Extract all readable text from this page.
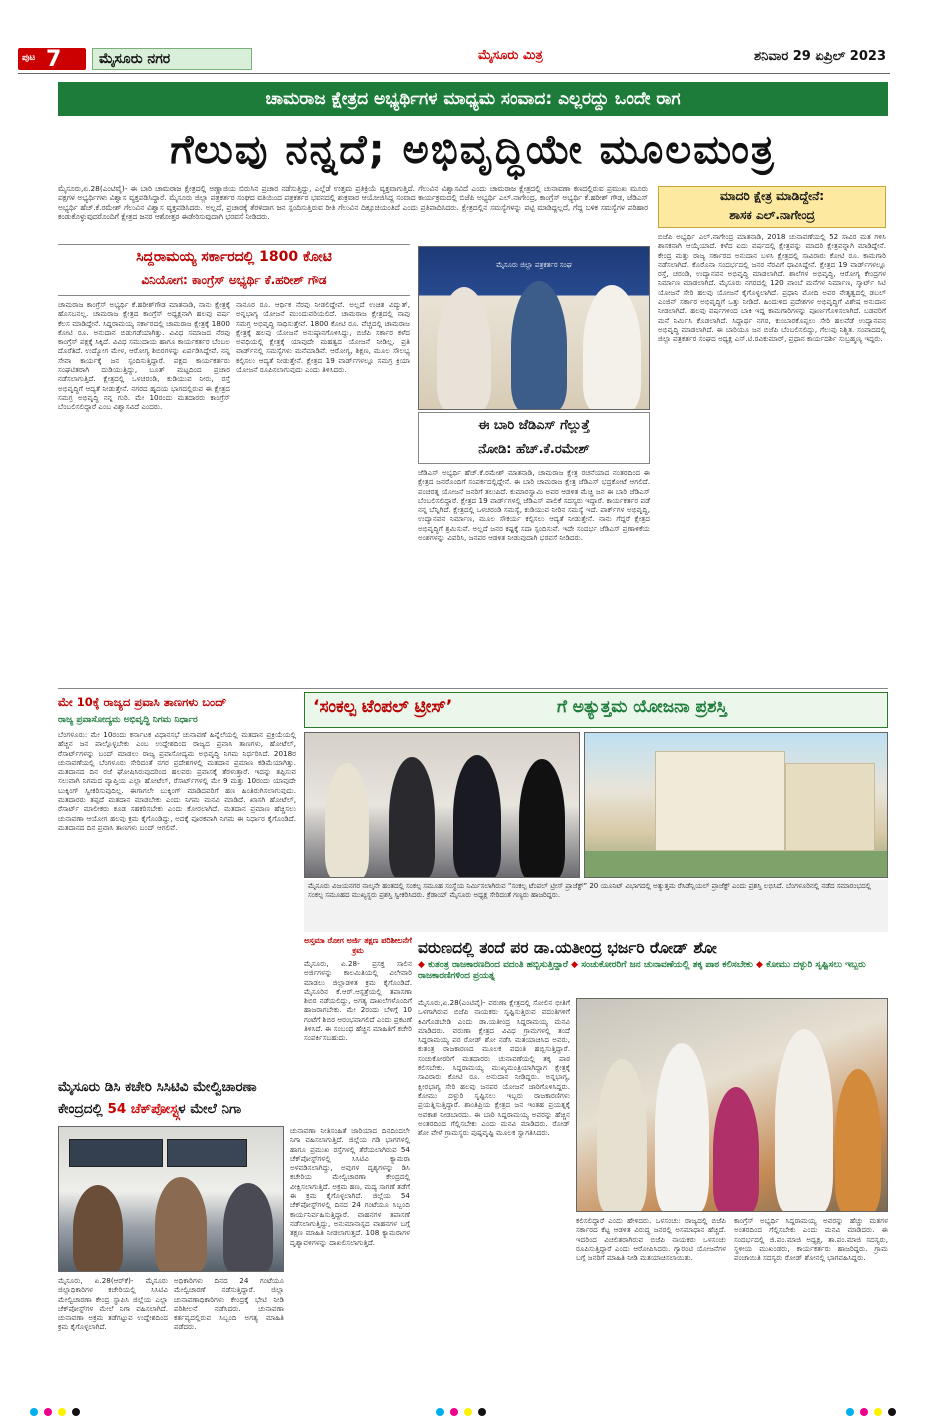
ಪುಟ 7	ಮೈಸೂರು ನಗರ	ಮೈಸೂರು ಮಿತ್ರ	ಶನಿವಾರ 29 ಏಪ್ರಿಲ್ 2023
ಚಾಮರಾಜ ಕ್ಷೇತ್ರದ ಅಭ್ಯರ್ಥಿಗಳ ಮಾಧ್ಯಮ ಸಂವಾದ: ಎಲ್ಲರದ್ದು ಒಂದೇ ರಾಗ
ಗೆಲುವು ನನ್ನದೆ; ಅಭಿವೃದ್ಧಿಯೇ ಮೂಲಮಂತ್ರ
ಮೈಸೂರು,ಏ.28(ಎಂಟಿವೈ)- ಈ ಬಾರಿ ಚಾಮರಾಜ ಕ್ಷೇತ್ರದಲ್ಲಿ ಅಣ್ಣಾಜಿಯ ಬಿರುಸಿನ ಪ್ರಚಾರ ನಡೆಸುತ್ತಿದ್ದು, ಎಲ್ಲೆಡೆ ಉತ್ತಮ ಪ್ರತಿಕ್ರಿಯೆ ವ್ಯಕ್ತವಾಗುತ್ತಿದೆ. ಗೆಲುವಿನ ವಿಶ್ವಾಸವಿದೆ ಎಂದು ಚಾಮರಾಜ ಕ್ಷೇತ್ರದಲ್ಲಿ ಚುನಾವಣಾ ಕಣದಲ್ಲಿರುವ ಪ್ರಮುಖ ಮೂರು ಪಕ್ಷಗಳ ಅಭ್ಯರ್ಥಿಗಳು ವಿಶ್ವಾಸ ವ್ಯಕ್ತಪಡಿಸಿದ್ದಾರೆ. ಮೈಸೂರು ಜಿಲ್ಲಾ ಪತ್ರಕರ್ತರ ಸಂಘದ ವತಿಯಿಂದ ಪತ್ರಕರ್ತರ ಭವನದಲ್ಲಿ ಶುಕ್ರವಾರ ಆಯೋಜಿಸಿದ್ದ ಸಂವಾದ ಕಾರ್ಯಕ್ರಮದಲ್ಲಿ ಬಿಜೆಪಿ ಅಭ್ಯರ್ಥಿ ಎಲ್.ನಾಗೇಂದ್ರ, ಕಾಂಗ್ರೆಸ್ ಅಭ್ಯರ್ಥಿ ಕೆ.ಹರೀಶ್ ಗೌಡ, ಜೆಡಿಎಸ್ ಅಭ್ಯರ್ಥಿ ಹೆಚ್.ಕೆ.ರಮೇಶ್ ಗೆಲುವಿನ ವಿಶ್ವಾಸ ವ್ಯಕ್ತಪಡಿಸಿದರು. ಅಲ್ಲದೆ, ಪ್ರಚಾರಕ್ಕೆ ತೆರಳಿದಾಗ ಜನ ಸ್ಪಂದಿಸುತ್ತಿರುವ ರೀತಿ ಗೆಲುವಿನ ದಿಕ್ಸೂಚಿಯಂತಿದೆ ಎಂದು ಪ್ರತಿಪಾದಿಸಿದರು. ಕ್ಷೇತ್ರದಲ್ಲಿನ ಸಮಸ್ಯೆಗಳನ್ನು ಪಟ್ಟಿ ಮಾಡಿದ್ದಲ್ಲದೆ, ಗೆದ್ದ ಬಳಿಕ ಸಮಸ್ಯೆಗಳ ಪರಿಹಾರ ಕಂಡುಕೊಳ್ಳುವುದರೊಂದಿಗೆ ಕ್ಷೇತ್ರದ ಜನರ ಆಶೋತ್ತರ ಈಡೇರಿಸುವುದಾಗಿ ಭರವಸೆ ನೀಡಿದರು.
ಮಾದರಿ ಕ್ಷೇತ್ರ ಮಾಡಿದ್ದೇನೆ:
ಶಾಸಕ ಎಲ್.ನಾಗೇಂದ್ರ
ಬಿಜೆಪಿ ಅಭ್ಯರ್ಥಿ ಎಲ್.ನಾಗೇಂದ್ರ ಮಾತನಾಡಿ, 2018 ಚುನಾವಣೆಯಲ್ಲಿ 52 ಸಾವಿರ ಮತ ಗಳಿಸಿ ಶಾಸಕನಾಗಿ ಆಯ್ಕೆಯಾದೆ. ಕಳೆದ ಐದು ವರ್ಷದಲ್ಲಿ ಕ್ಷೇತ್ರವನ್ನು ಮಾದರಿ ಕ್ಷೇತ್ರವನ್ನಾಗಿ ಮಾಡಿದ್ದೇನೆ. ಕೇಂದ್ರ ಮತ್ತು ರಾಜ್ಯ ಸರ್ಕಾರದ ಅನುದಾನ ಬಳಸಿ ಕ್ಷೇತ್ರದಲ್ಲಿ ಸಾವಿರಾರು ಕೋಟಿ ರೂ. ಕಾಮಗಾರಿ ನಡೆಸಲಾಗಿದೆ. ಕೊರೊನಾ ಸಂದರ್ಭದಲ್ಲಿ ಜನರ ನೆರವಿಗೆ ಧಾವಿಸಿದ್ದೇನೆ. ಕ್ಷೇತ್ರದ 19 ವಾರ್ಡ್‌ಗಳಲ್ಲೂ ರಸ್ತೆ, ಚರಂಡಿ, ಉದ್ಯಾನವನ ಅಭಿವೃದ್ಧಿ ಮಾಡಲಾಗಿದೆ. ಶಾಲೆಗಳ ಅಭಿವೃದ್ಧಿ, ಆರೋಗ್ಯ ಕೇಂದ್ರಗಳ ನಿರ್ಮಾಣ ಮಾಡಲಾಗಿದೆ. ಮೈಸೂರು ನಗರದಲ್ಲಿ 120 ವಾಂಬೆ ಮನೆಗಳ ನಿರ್ಮಾಣ, ಸ್ಮಾರ್ಟ್ ಸಿಟಿ ಯೋಜನೆ ಸೇರಿ ಹಲವು ಯೋಜನೆ ಕೈಗೊಳ್ಳಲಾಗಿದೆ. ಪ್ರಧಾನಿ ಮೋದಿ ಅವರ ನೇತೃತ್ವದಲ್ಲಿ ಡಬಲ್ ಎಂಜಿನ್ ಸರ್ಕಾರ ಅಭಿವೃದ್ಧಿಗೆ ಒತ್ತು ನೀಡಿದೆ. ಹಿಂದುಳಿದ ಪ್ರದೇಶಗಳ ಅಭಿವೃದ್ಧಿಗೆ ವಿಶೇಷ ಅನುದಾನ ನೀಡಲಾಗಿದೆ. ಹಲವು ವರ್ಷಗಳಿಂದ ಬಾಕಿ ಇದ್ದ ಕಾಮಗಾರಿಗಳನ್ನು ಪೂರ್ಣಗೊಳಿಸಲಾಗಿದೆ. ಬಡವರಿಗೆ ಮನೆ ನಿರ್ಮಿಸಿ ಕೊಡಲಾಗಿದೆ. ಸಿದ್ದಾರ್ಥ ನಗರ, ಕುಂಬಾರಕೊಪ್ಪಲು ಸೇರಿ ಹಲವೆಡೆ ಉದ್ಯಾನವನ ಅಭಿವೃದ್ಧಿ ಮಾಡಲಾಗಿದೆ. ಈ ಬಾರಿಯೂ ಜನ ಬಿಜೆಪಿ ಬೆಂಬಲಿಸಲಿದ್ದು, ಗೆಲುವು ನಿಶ್ಚಿತ. ಸಂವಾದದಲ್ಲಿ ಜಿಲ್ಲಾ ಪತ್ರಕರ್ತರ ಸಂಘದ ಅಧ್ಯಕ್ಷ ಎಸ್.ಟಿ.ರವಿಕುಮಾರ್, ಪ್ರಧಾನ ಕಾರ್ಯದರ್ಶಿ ಸುಬ್ರಹ್ಮಣ್ಯ ಇದ್ದರು.
ಸಿದ್ದರಾಮಯ್ಯ ಸರ್ಕಾರದಲ್ಲಿ 1800 ಕೋಟಿ
ವಿನಿಯೋಗ: ಕಾಂಗ್ರೆಸ್ ಅಭ್ಯರ್ಥಿ ಕೆ.ಹರೀಶ್ ಗೌಡ
ಚಾಮರಾಜ ಕಾಂಗ್ರೆಸ್ ಅಭ್ಯರ್ಥಿ ಕೆ.ಹರೀಶ್‌ಗೌಡ ಮಾತನಾಡಿ, ನಾನು ಕ್ಷೇತ್ರಕ್ಕೆ ಹೊಸಬನಲ್ಲ. ಚಾಮರಾಜ ಕ್ಷೇತ್ರದ ಕಾಂಗ್ರೆಸ್ ಅಧ್ಯಕ್ಷನಾಗಿ ಹಲವು ವರ್ಷ ಕೆಲಸ ಮಾಡಿದ್ದೇನೆ. ಸಿದ್ದರಾಮಯ್ಯ ಸರ್ಕಾರದಲ್ಲಿ ಚಾಮರಾಜ ಕ್ಷೇತ್ರಕ್ಕೆ 1800 ಕೋಟಿ ರೂ. ಅನುದಾನ ಬಿಡುಗಡೆಯಾಗಿತ್ತು. ವಿವಿಧ ಸಮಾಜದ ನೆರವು ಕಾಂಗ್ರೆಸ್ ಪಕ್ಷಕ್ಕೆ ಸಿಕ್ಕಿದೆ. ವಿವಿಧ ಸಮುದಾಯ ಹಾಗೂ ಕಾರ್ಯಕರ್ತರ ಬೆಂಬಲ ದೊರೆತಿದೆ. ಉದ್ಯೋಗ ಮೇಳ, ಆರೋಗ್ಯ ಶಿಬಿರಗಳನ್ನು ಏರ್ಪಡಿಸಿದ್ದೇವೆ. ನನ್ನ ಸೇವಾ ಕಾರ್ಯಕ್ಕೆ ಜನ ಸ್ಪಂದಿಸುತ್ತಿದ್ದಾರೆ. ಪಕ್ಷದ ಕಾರ್ಯಕರ್ತರು ಸಂಘಟಿತರಾಗಿ ದುಡಿಯುತ್ತಿದ್ದು, ಬೂತ್ ಮಟ್ಟದಿಂದ ಪ್ರಚಾರ ನಡೆಸಲಾಗುತ್ತಿದೆ. ಕ್ಷೇತ್ರದಲ್ಲಿ ಒಳಚರಂಡಿ, ಕುಡಿಯುವ ನೀರು, ರಸ್ತೆ ಅಭಿವೃದ್ಧಿಗೆ ಆದ್ಯತೆ ನೀಡುತ್ತೇನೆ. ನಗರದ ಹೃದಯ ಭಾಗದಲ್ಲಿರುವ ಈ ಕ್ಷೇತ್ರದ ಸಮಗ್ರ ಅಭಿವೃದ್ಧಿ ನನ್ನ ಗುರಿ. ಮೇ 10ರಂದು ಮತದಾರರು ಕಾಂಗ್ರೆಸ್ ಬೆಂಬಲಿಸಲಿದ್ದಾರೆ ಎಂಬ ವಿಶ್ವಾಸವಿದೆ ಎಂದರು.
ನಾನೂರ ರೂ. ಆರ್ಥಿಕ ನೆರವು ನೀಡಲಿದ್ದೇವೆ. ಅಲ್ಲದೆ ಉಚಿತ ವಿದ್ಯುತ್, ಅನ್ನಭಾಗ್ಯ ಯೋಜನೆ ಮುಂದುವರಿಯಲಿದೆ. ಚಾಮರಾಜ ಕ್ಷೇತ್ರದಲ್ಲಿ ನಾವು ಸಮಗ್ರ ಅಭಿವೃದ್ಧಿ ಸಾಧಿಸುತ್ತೇವೆ. 1800 ಕೋಟಿ ರೂ. ವೆಚ್ಚದಲ್ಲಿ ಚಾಮರಾಜ ಕ್ಷೇತ್ರಕ್ಕೆ ಹಲವು ಯೋಜನೆ ಅನುಷ್ಠಾನಗೊಳಿಸಿದ್ದು, ಬಿಜೆಪಿ ಸರ್ಕಾರ ಕಳೆದ ಅವಧಿಯಲ್ಲಿ ಕ್ಷೇತ್ರಕ್ಕೆ ಯಾವುದೇ ಮಹತ್ವದ ಯೋಜನೆ ನೀಡಿಲ್ಲ. ಪ್ರತಿ ವಾರ್ಡ್‌ನಲ್ಲಿ ಸಮಸ್ಯೆಗಳು ಮನೆಮಾಡಿವೆ. ಆರೋಗ್ಯ, ಶಿಕ್ಷಣ, ಮೂಲ ಸೌಲಭ್ಯ ಕಲ್ಪಿಸಲು ಆದ್ಯತೆ ನೀಡುತ್ತೇನೆ. ಕ್ಷೇತ್ರದ 19 ವಾರ್ಡ್‌ಗಳಲ್ಲೂ ಸಮಗ್ರ ಕ್ರಿಯಾ ಯೋಜನೆ ರೂಪಿಸಲಾಗುವುದು ಎಂದು ತಿಳಿಸಿದರು.
ಮೈಸೂರು ಜಿಲ್ಲಾ ಪತ್ರಕರ್ತರ ಸಂಘ
ಈ ಬಾರಿ ಜೆಡಿಎಸ್ ಗೆಲ್ಲುತ್ತೆ
ನೋಡಿ: ಹೆಚ್.ಕೆ.ರಮೇಶ್
ಜೆಡಿಎಸ್ ಅಭ್ಯರ್ಥಿ ಹೆಚ್.ಕೆ.ರಮೇಶ್ ಮಾತನಾಡಿ, ಚಾಮರಾಜ ಕ್ಷೇತ್ರ ರಚನೆಯಾದ ನಂತರದಿಂದ ಈ ಕ್ಷೇತ್ರದ ಜನರೊಂದಿಗೆ ಸಂಪರ್ಕದಲ್ಲಿದ್ದೇನೆ. ಈ ಬಾರಿ ಚಾಮರಾಜ ಕ್ಷೇತ್ರ ಜೆಡಿಎಸ್ ಭದ್ರಕೋಟೆ ಆಗಲಿದೆ. ಪಂಚರತ್ನ ಯೋಜನೆ ಜನರಿಗೆ ತಲುಪಿದೆ. ಕುಮಾರಸ್ವಾಮಿ ಅವರ ಆಡಳಿತ ಮೆಚ್ಚಿ ಜನ ಈ ಬಾರಿ ಜೆಡಿಎಸ್ ಬೆಂಬಲಿಸಲಿದ್ದಾರೆ. ಕ್ಷೇತ್ರದ 19 ವಾರ್ಡ್‌ಗಳಲ್ಲಿ ಜೆಡಿಎಸ್ ಪಾಲಿಕೆ ಸದಸ್ಯರು ಇದ್ದಾರೆ. ಕಾರ್ಯಕರ್ತರ ಪಡೆ ನನ್ನ ಬೆನ್ನಿಗಿದೆ. ಕ್ಷೇತ್ರದಲ್ಲಿ ಒಳಚರಂಡಿ ಸಮಸ್ಯೆ, ಕುಡಿಯುವ ನೀರಿನ ಸಮಸ್ಯೆ ಇದೆ. ಪಾರ್ಕ್‌ಗಳ ಅಭಿವೃದ್ಧಿ, ಉದ್ಯಾನವನ ನಿರ್ಮಾಣ, ಮೂಲ ಸೌಕರ್ಯ ಕಲ್ಪಿಸಲು ಆದ್ಯತೆ ನೀಡುತ್ತೇನೆ. ನಾನು ಗೆದ್ದರೆ ಕ್ಷೇತ್ರದ ಅಭಿವೃದ್ಧಿಗೆ ಶ್ರಮಿಸುವೆ. ಅಲ್ಲದೆ ಜನರ ಕಷ್ಟಕ್ಕೆ ಸದಾ ಸ್ಪಂದಿಸುವೆ. ಇದೇ ಸಂದರ್ಭ ಜೆಡಿಎಸ್ ಪ್ರಣಾಳಿಕೆಯ ಅಂಶಗಳನ್ನು ವಿವರಿಸಿ, ಜನಪರ ಆಡಳಿತ ನೀಡುವುದಾಗಿ ಭರವಸೆ ನೀಡಿದರು.
ಮೇ 10ಕ್ಕೆ ರಾಜ್ಯದ ಪ್ರವಾಸಿ ತಾಣಗಳು ಬಂದ್
ರಾಜ್ಯ ಪ್ರವಾಸೋದ್ಯಮ ಅಭಿವೃದ್ಧಿ ನಿಗಮ ನಿರ್ಧಾರ
ಬೆಂಗಳೂರು: ಮೇ 10ರಂದು ಕರ್ನಾಟಕ ವಿಧಾನಸಭೆ ಚುನಾವಣೆ ಹಿನ್ನೆಲೆಯಲ್ಲಿ ಮತದಾನ ಪ್ರಕ್ರಿಯೆಯಲ್ಲಿ ಹೆಚ್ಚಿನ ಜನ ಪಾಲ್ಗೊಳ್ಳಬೇಕು ಎಂಬ ಉದ್ದೇಶದಿಂದ ರಾಜ್ಯದ ಪ್ರವಾಸಿ ತಾಣಗಳು, ಹೋಟೆಲ್, ರೆಸಾರ್ಟ್‌ಗಳನ್ನು ಬಂದ್ ಮಾಡಲು ರಾಜ್ಯ ಪ್ರವಾಸೋದ್ಯಮ ಅಭಿವೃದ್ಧಿ ನಿಗಮ ನಿರ್ಧರಿಸಿದೆ. 2018ರ ಚುನಾವಣೆಯಲ್ಲಿ ಬೆಂಗಳೂರು ಸೇರಿದಂತೆ ನಗರ ಪ್ರದೇಶಗಳಲ್ಲಿ ಮತದಾನ ಪ್ರಮಾಣ ಕಡಿಮೆಯಾಗಿತ್ತು. ಮತದಾನದ ದಿನ ರಜೆ ಘೋಷಿಸಿರುವುದರಿಂದ ಹಲವರು ಪ್ರವಾಸಕ್ಕೆ ತೆರಳುತ್ತಾರೆ. ಇದನ್ನು ತಪ್ಪಿಸುವ ಸಲುವಾಗಿ ನಿಗಮದ ವ್ಯಾಪ್ತಿಯ ಎಲ್ಲಾ ಹೋಟೆಲ್, ರೆಸಾರ್ಟ್‌ಗಳಲ್ಲಿ ಮೇ 9 ಮತ್ತು 10ರಂದು ಯಾವುದೇ ಬುಕ್ಕಿಂಗ್ ಸ್ವೀಕರಿಸುವುದಿಲ್ಲ. ಈಗಾಗಲೇ ಬುಕ್ಕಿಂಗ್ ಮಾಡಿದವರಿಗೆ ಹಣ ಹಿಂತಿರುಗಿಸಲಾಗುವುದು. ಮತದಾರರು ತಪ್ಪದೆ ಮತದಾನ ಮಾಡಬೇಕು ಎಂದು ನಿಗಮ ಮನವಿ ಮಾಡಿದೆ. ಖಾಸಗಿ ಹೋಟೆಲ್, ರೆಸಾರ್ಟ್ ಮಾಲೀಕರು ಕೂಡ ಸಹಕರಿಸಬೇಕು ಎಂದು ಕೋರಲಾಗಿದೆ. ಮತದಾನ ಪ್ರಮಾಣ ಹೆಚ್ಚಿಸಲು ಚುನಾವಣಾ ಆಯೋಗ ಹಲವು ಕ್ರಮ ಕೈಗೊಂಡಿದ್ದು, ಅದಕ್ಕೆ ಪೂರಕವಾಗಿ ನಿಗಮ ಈ ನಿರ್ಧಾರ ಕೈಗೊಂಡಿದೆ. ಮತದಾನದ ದಿನ ಪ್ರವಾಸಿ ತಾಣಗಳು ಬಂದ್ ಆಗಲಿವೆ.
‘ಸಂಕಲ್ಪ ಟೆಂಪಲ್ ಟ್ರೀಸ್’	ಗೆ ಅತ್ಯುತ್ತಮ ಯೋಜನಾ ಪ್ರಶಸ್ತಿ
ಮೈಸೂರು ವಿಜಯನಗರ ನಾಲ್ಕನೇ ಹಂತದಲ್ಲಿ ಸಂಕಲ್ಪ ಸಮೂಹ ಸಂಸ್ಥೆಯ ನಿರ್ಮಿಸಲಾಗಿರುವ “ಸಂಕಲ್ಪ ಟೆಂಪಲ್ ಟ್ರೀಸ್ ಪ್ರಾಜೆಕ್ಟ್” 20 ಯೂನಿಟ್ ವಿಭಾಗದಲ್ಲಿ ಅತ್ಯುತ್ತಮ ರೆಸಿಡೆನ್ಷಿಯಲ್ ಪ್ರಾಜೆಕ್ಟ್ ಎಂದು ಪ್ರಶಸ್ತಿ ಲಭಿಸಿದೆ. ಬೆಂಗಳೂರಿನಲ್ಲಿ ನಡೆದ ಸಮಾರಂಭದಲ್ಲಿ ಸಂಕಲ್ಪ ಸಮೂಹದ ಮುಖ್ಯಸ್ಥರು ಪ್ರಶಸ್ತಿ ಸ್ವೀಕರಿಸಿದರು. ಕ್ರೆಡಾಯ್ ಮೈಸೂರು ಅಧ್ಯಕ್ಷ ಸೇರಿದಂತೆ ಗಣ್ಯರು ಹಾಜರಿದ್ದರು.
ಅಸ್ತಮಾ ರೋಗ ಅರ್ಜಿ ತಕ್ಷಣ ಪರಿಶೀಲನೆಗೆ ಕ್ರಮ
ಮೈಸೂರು, ಏ.28- ಪ್ರಸಕ್ತ ಸಾಲಿನ ಅರ್ಜಿಗಳನ್ನು ಕಾಲಮಿತಿಯಲ್ಲಿ ವಿಲೇವಾರಿ ಮಾಡಲು ಜಿಲ್ಲಾಡಳಿತ ಕ್ರಮ ಕೈಗೊಂಡಿದೆ. ಮೈಸೂರಿನ ಕೆ.ಆರ್.ಆಸ್ಪತ್ರೆಯಲ್ಲಿ ತಪಾಸಣಾ ಶಿಬಿರ ನಡೆಯಲಿದ್ದು, ಅಗತ್ಯ ದಾಖಲೆಗಳೊಂದಿಗೆ ಹಾಜರಾಗಬೇಕು. ಮೇ 2ರಂದು ಬೆಳಿಗ್ಗೆ 10 ಗಂಟೆಗೆ ಶಿಬಿರ ಆರಂಭವಾಗಲಿದೆ ಎಂದು ಪ್ರಕಟಣೆ ತಿಳಿಸಿದೆ. ಈ ಸಂಬಂಧ ಹೆಚ್ಚಿನ ಮಾಹಿತಿಗೆ ಕಚೇರಿ ಸಂಪರ್ಕಿಸಬಹುದು.
ವರುಣದಲ್ಲಿ ತಂದೆ ಪರ ಡಾ.ಯತೀಂದ್ರ ಭರ್ಜರಿ ರೋಡ್ ಶೋ
◆ ಕುತಂತ್ರ ರಾಜಕಾರಣದಿಂದ ವದಂತಿ ಹಬ್ಬಿಸುತ್ತಿದ್ದಾರೆ ◆ ಸಂಚುಕೋರರಿಗೆ ಜನ ಚುನಾವಣೆಯಲ್ಲಿ ತಕ್ಕ ಪಾಠ ಕಲಿಸಬೇಕು ◆ ಕೋಮು ದಳ್ಳುರಿ ಸೃಷ್ಟಿಸಲು ಇಬ್ಬರು ರಾಜಕಾರಣಿಗಳಿಂದ ಪ್ರಯತ್ನ
ಮೈಸೂರು,ಏ.28(ಎಂಟಿವೈ)- ವರುಣಾ ಕ್ಷೇತ್ರದಲ್ಲಿ ಸೋಲಿನ ಭೀತಿಗೆ ಒಳಗಾಗಿರುವ ಬಿಜೆಪಿ ನಾಯಕರು ಸೃಷ್ಟಿಸುತ್ತಿರುವ ವದಂತಿಗಳಿಗೆ ಕಿವಿಗೊಡಬೇಡಿ ಎಂದು ಡಾ.ಯತೀಂದ್ರ ಸಿದ್ದರಾಮಯ್ಯ ಮನವಿ ಮಾಡಿದರು. ವರುಣಾ ಕ್ಷೇತ್ರದ ವಿವಿಧ ಗ್ರಾಮಗಳಲ್ಲಿ ತಂದೆ ಸಿದ್ದರಾಮಯ್ಯ ಪರ ರೋಡ್ ಶೋ ನಡೆಸಿ ಮತಯಾಚಿಸಿದ ಅವರು, ಕುತಂತ್ರ ರಾಜಕಾರಣದ ಮೂಲಕ ವದಂತಿ ಹಬ್ಬಿಸುತ್ತಿದ್ದಾರೆ. ಸಂಚುಕೋರರಿಗೆ ಮತದಾರರು ಚುನಾವಣೆಯಲ್ಲಿ ತಕ್ಕ ಪಾಠ ಕಲಿಸಬೇಕು. ಸಿದ್ದರಾಮಯ್ಯ ಮುಖ್ಯಮಂತ್ರಿಯಾಗಿದ್ದಾಗ ಕ್ಷೇತ್ರಕ್ಕೆ ಸಾವಿರಾರು ಕೋಟಿ ರೂ. ಅನುದಾನ ನೀಡಿದ್ದರು. ಅನ್ನಭಾಗ್ಯ, ಕ್ಷೀರಭಾಗ್ಯ ಸೇರಿ ಹಲವು ಜನಪರ ಯೋಜನೆ ಜಾರಿಗೊಳಿಸಿದ್ದರು. ಕೋಮು ದಳ್ಳುರಿ ಸೃಷ್ಟಿಸಲು ಇಬ್ಬರು ರಾಜಕಾರಣಿಗಳು ಪ್ರಯತ್ನಿಸುತ್ತಿದ್ದಾರೆ. ಶಾಂತಿಪ್ರಿಯ ಕ್ಷೇತ್ರದ ಜನ ಇಂತಹ ಪ್ರಯತ್ನಕ್ಕೆ ಅವಕಾಶ ನೀಡಬಾರದು. ಈ ಬಾರಿ ಸಿದ್ದರಾಮಯ್ಯ ಅವರನ್ನು ಹೆಚ್ಚಿನ ಅಂತರದಿಂದ ಗೆಲ್ಲಿಸಬೇಕು ಎಂದು ಮನವಿ ಮಾಡಿದರು. ರೋಡ್ ಶೋ ವೇಳೆ ಗ್ರಾಮಸ್ಥರು ಪುಷ್ಪವೃಷ್ಟಿ ಮೂಲಕ ಸ್ವಾಗತಿಸಿದರು.
ಕಲಿಸಲಿದ್ದಾರೆ ಎಂದು ಹೇಳಿದರು. ಒಳಸಂಚು: ರಾಜ್ಯದಲ್ಲಿ ಬಿಜೆಪಿ ಸರ್ಕಾರದ ಕೆಟ್ಟ ಆಡಳಿತ ವಿರುದ್ಧ ಜನರಲ್ಲಿ ಅಸಮಾಧಾನ ಹೆಚ್ಚಿದೆ. ಇದರಿಂದ ವಿಚಲಿತರಾಗಿರುವ ಬಿಜೆಪಿ ನಾಯಕರು ಒಳಸಂಚು ರೂಪಿಸುತ್ತಿದ್ದಾರೆ ಎಂದು ಆರೋಪಿಸಿದರು. ಗ್ಯಾರಂಟಿ ಯೋಜನೆಗಳ ಬಗ್ಗೆ ಜನರಿಗೆ ಮಾಹಿತಿ ನೀಡಿ ಮತಯಾಚಿಸಲಾಯಿತು.
ಕಾಂಗ್ರೆಸ್ ಅಭ್ಯರ್ಥಿ ಸಿದ್ದರಾಮಯ್ಯ ಅವರನ್ನು ಹೆಚ್ಚು ಮತಗಳ ಅಂತರದಿಂದ ಗೆಲ್ಲಿಸಬೇಕು ಎಂದು ಮನವಿ ಮಾಡಿದರು. ಈ ಸಂದರ್ಭದಲ್ಲಿ ಜಿ.ಪಂ.ಮಾಜಿ ಅಧ್ಯಕ್ಷ, ತಾ.ಪಂ.ಮಾಜಿ ಸದಸ್ಯರು, ಸ್ಥಳೀಯ ಮುಖಂಡರು, ಕಾರ್ಯಕರ್ತರು ಹಾಜರಿದ್ದರು. ಗ್ರಾಮ ಪಂಚಾಯಿತಿ ಸದಸ್ಯರು ರೋಡ್ ಶೋನಲ್ಲಿ ಭಾಗವಹಿಸಿದ್ದರು.
ಮೈಸೂರು ಡಿಸಿ ಕಚೇರಿ ಸಿಸಿಟಿವಿ ಮೇಲ್ವಿಚಾರಣಾ
ಕೇಂದ್ರದಲ್ಲಿ 54 ಚೆಕ್‌ಪೋಸ್ಟ್ಗಳ ಮೇಲೆ ನಿಗಾ
ಚುನಾವಣಾ ನೀತಿಸಂಹಿತೆ ಜಾರಿಯಾದ ದಿನದಿಂದಲೇ ನಿಗಾ ವಹಿಸಲಾಗುತ್ತಿದೆ. ಜಿಲ್ಲೆಯ ಗಡಿ ಭಾಗಗಳಲ್ಲಿ ಹಾಗೂ ಪ್ರಮುಖ ರಸ್ತೆಗಳಲ್ಲಿ ತೆರೆಯಲಾಗಿರುವ 54 ಚೆಕ್‌ಪೋಸ್ಟ್‌ಗಳಲ್ಲಿ ಸಿಸಿಟಿವಿ ಕ್ಯಾಮರಾ ಅಳವಡಿಸಲಾಗಿದ್ದು, ಅವುಗಳ ದೃಶ್ಯಗಳನ್ನು ಡಿಸಿ ಕಚೇರಿಯ ಮೇಲ್ವಿಚಾರಣಾ ಕೇಂದ್ರದಲ್ಲಿ ವೀಕ್ಷಿಸಲಾಗುತ್ತಿದೆ. ಅಕ್ರಮ ಹಣ, ಮದ್ಯ ಸಾಗಣೆ ತಡೆಗೆ ಈ ಕ್ರಮ ಕೈಗೊಳ್ಳಲಾಗಿದೆ. ಜಿಲ್ಲೆಯ 54 ಚೆಕ್‌ಪೋಸ್ಟ್‌ಗಳಲ್ಲಿ ದಿನದ 24 ಗಂಟೆಯೂ ಸಿಬ್ಬಂದಿ ಕಾರ್ಯನಿರ್ವಹಿಸುತ್ತಿದ್ದಾರೆ. ವಾಹನಗಳ ತಪಾಸಣೆ ನಡೆಸಲಾಗುತ್ತಿದ್ದು, ಅನುಮಾನಾಸ್ಪದ ವಾಹನಗಳ ಬಗ್ಗೆ ತಕ್ಷಣ ಮಾಹಿತಿ ನೀಡಲಾಗುತ್ತದೆ. 108 ಕ್ಯಾಮರಾಗಳ ದೃಶ್ಯಾವಳಿಗಳನ್ನು ದಾಖಲಿಸಲಾಗುತ್ತಿದೆ.
ಮೈಸೂರು, ಏ.28(ಆರ್‌ಕೆ)- ಮೈಸೂರು ಜಿಲ್ಲಾಧಿಕಾರಿಗಳ ಕಚೇರಿಯಲ್ಲಿ ಸಿಸಿಟಿವಿ ಮೇಲ್ವಿಚಾರಣಾ ಕೇಂದ್ರ ಸ್ಥಾಪಿಸಿ ಜಿಲ್ಲೆಯ ಎಲ್ಲಾ ಚೆಕ್‌ಪೋಸ್ಟ್‌ಗಳ ಮೇಲೆ ನಿಗಾ ವಹಿಸಲಾಗಿದೆ. ಚುನಾವಣಾ ಅಕ್ರಮ ತಡೆಗಟ್ಟುವ ಉದ್ದೇಶದಿಂದ ಕ್ರಮ ಕೈಗೊಳ್ಳಲಾಗಿದೆ.
ಅಧಿಕಾರಿಗಳು ದಿನದ 24 ಗಂಟೆಯೂ ಮೇಲ್ವಿಚಾರಣೆ ನಡೆಸುತ್ತಿದ್ದಾರೆ. ಜಿಲ್ಲಾ ಚುನಾವಣಾಧಿಕಾರಿಗಳು ಕೇಂದ್ರಕ್ಕೆ ಭೇಟಿ ನೀಡಿ ಪರಿಶೀಲನೆ ನಡೆಸಿದರು. ಚುನಾವಣಾ ಕರ್ತವ್ಯದಲ್ಲಿರುವ ಸಿಬ್ಬಂದಿ ಅಗತ್ಯ ಮಾಹಿತಿ ಪಡೆದರು.
